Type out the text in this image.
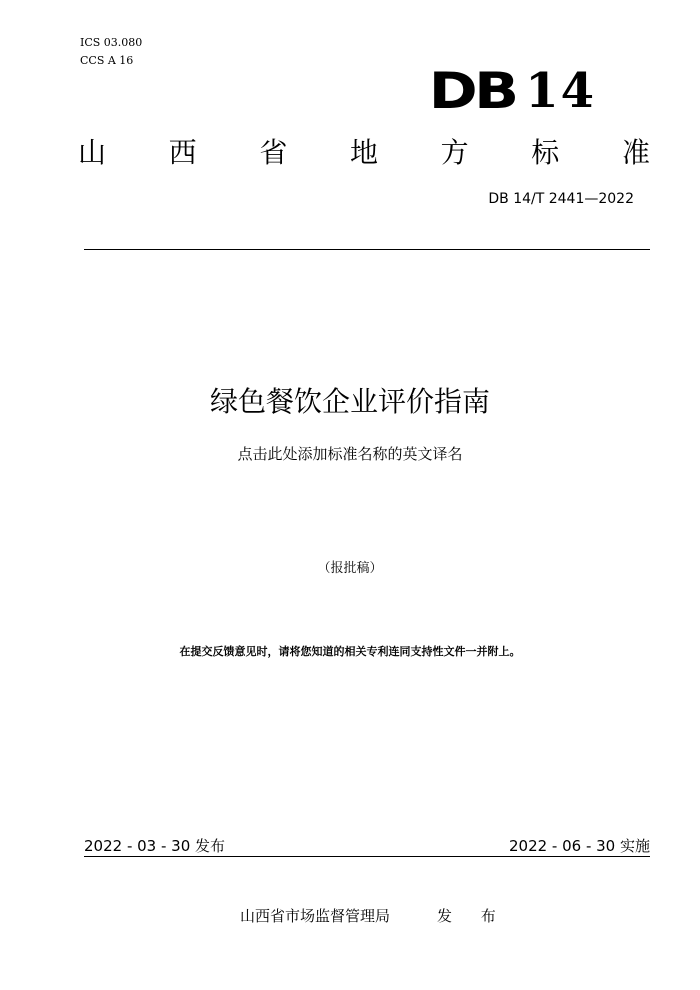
ICS 03.080
CCS A 16
DB 14
山 西 省 地 方 标 准
DB 14/T 2441—2022
绿色餐饮企业评价指南
点击此处添加标准名称的英文译名
（报批稿）
在提交反馈意见时，请将您知道的相关专利连同支持性文件一并附上。
2022 - 03 - 30 发布	2022 - 06 - 30 实施
山西省市场监督管理局	发 布
